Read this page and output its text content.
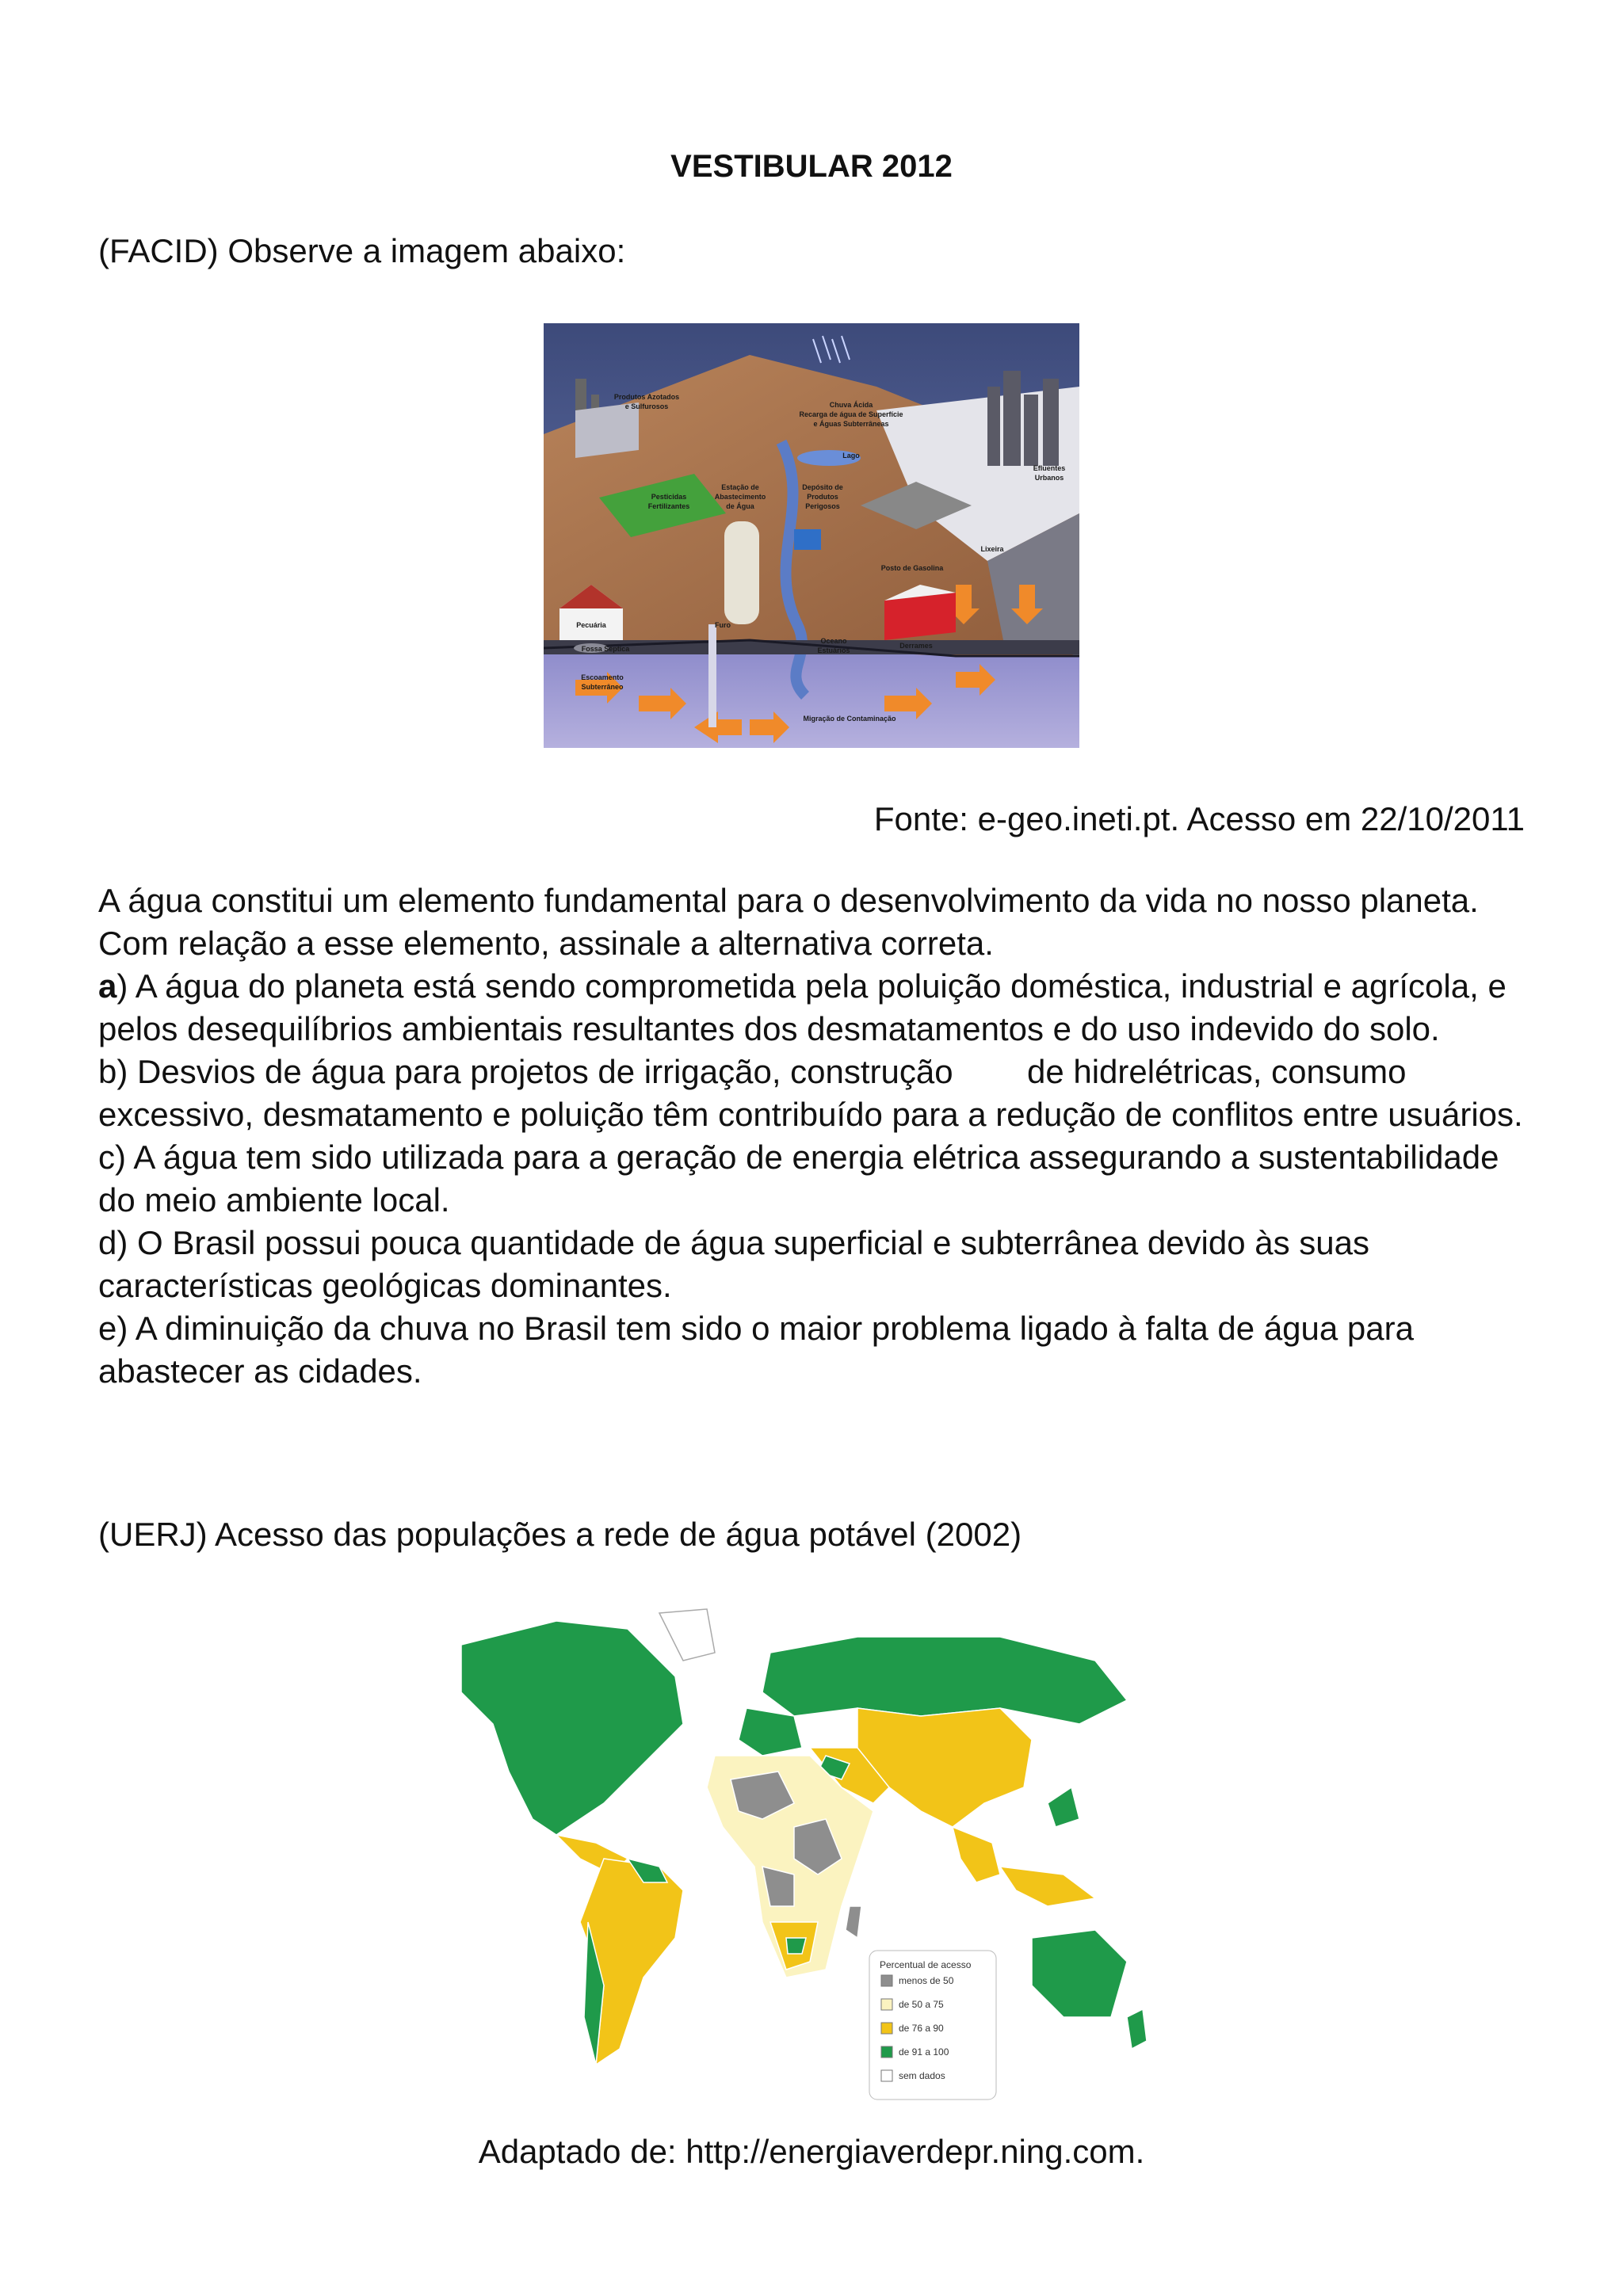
VESTIBULAR 2012
(FACID) Observe a imagem abaixo:
Produtos Azotados
e Sulfurosos	Chuva Ácida
Recarga de água de Superfície
e Águas Subterrâneas
Lago
Efluentes
Urbanos
Pesticidas
Fertilizantes
Estação de
Abastecimento
de Água
Depósito de
Produtos
Perigosos
Lixeira
Posto de Gasolina
Pecuária	Furo
Fossa Séptica
Oceano
Estuários
Derrames
Escoamento
Subterrâneo
Migração de Contaminação
Fonte: e-geo.ineti.pt. Acesso em 22/10/2011

A água constitui um elemento fundamental para o desenvolvimento da vida no nosso planeta. Com relação a esse elemento, assinale a alternativa correta.

a) A água do planeta está sendo comprometida pela poluição doméstica, industrial e agrícola, e pelos desequilíbrios ambientais resultantes dos desmatamentos e do uso indevido do solo.

b) Desvios de água para projetos de irrigação, construção        de hidrelétricas, consumo excessivo, desmatamento e poluição têm contribuído para a redução de conflitos entre usuários.

c) A água tem sido utilizada para a geração de energia elétrica assegurando a sustentabilidade do meio ambiente local.

d) O Brasil possui pouca quantidade de água superficial e subterrânea devido às suas características geológicas dominantes.

e) A diminuição da chuva no Brasil tem sido o maior problema ligado à falta de água para abastecer as cidades.

(UERJ) Acesso das populações a rede de água potável (2002)
Percentual de acesso
menos de 50
de 50 a 75
de 76 a 90
de 91 a 100
sem dados
Adaptado de: http://energiaverdepr.ning.com.
